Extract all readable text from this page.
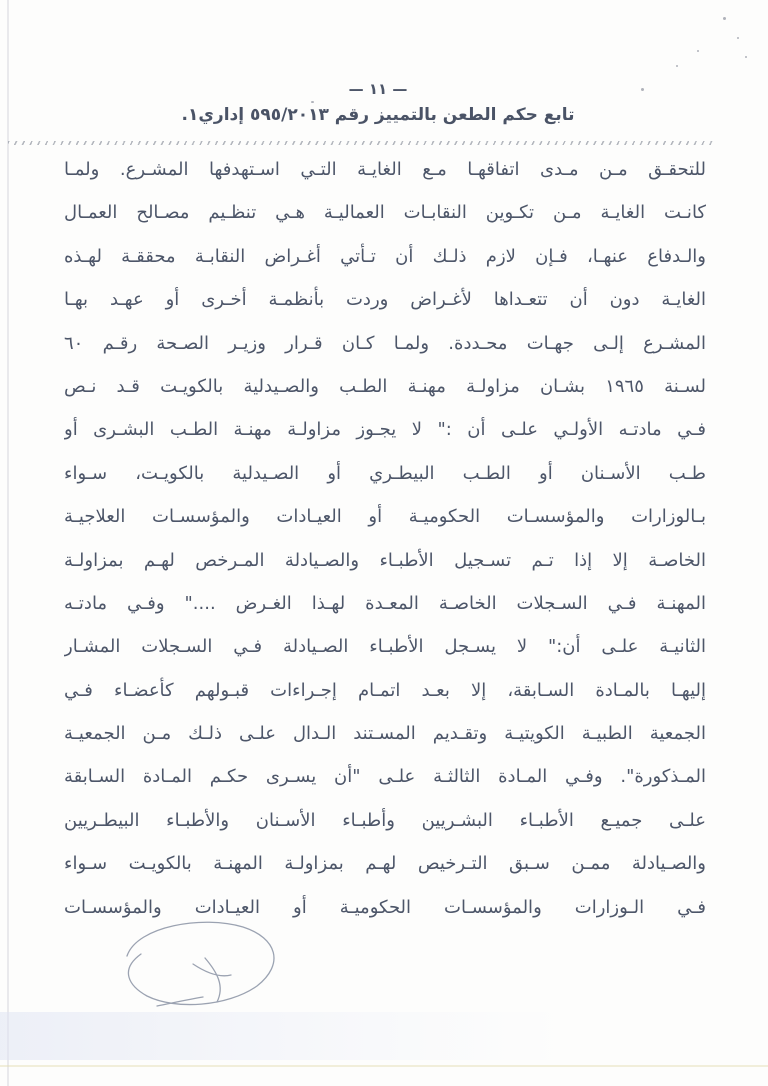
— ١١ —
تابع حكم الطعن بالتمييز رقم ٥٩٥/٢٠١٣ إداري١.
للتحقـق مـن مـدى اتفاقهـا مـع الغايـة التـي اسـتهدفها المشـرع. ولمـا
كانـت الغايـة مـن تكـوين النقابـات العماليـة هـي تنظـيم مصـالح العمـال
والـدفاع عنهـا، فـإن لازم ذلـك أن تـأتي أغـراض النقابـة محققـة لهـذه
الغايـة دون أن تتعـداها لأغـراض وردت بأنظمـة أخـرى أو عهـد بهـا
المشـرع إلـى جهـات محـددة. ولمـا كـان قـرار وزيـر الصـحة رقـم ٦٠
لسـنة ١٩٦٥ بشـان مزاولـة مهنـة الطـب والصـيدلية بالكويـت قـد نـص
فـي مادتـه الأولـي علـى أن :" لا يجـوز مزاولـة مهنـة الطـب البشـرى أو
طـب الأسـنان أو الطـب البيطـري أو الصـيدلية بالكويـت، سـواء
بـالوزارات والمؤسسـات الحكوميـة أو العيـادات والمؤسسـات العلاجيـة
الخاصـة إلا إذا تـم تسـجيل الأطبـاء والصـيادلة المـرخص لهـم بمزاولـة
المهنـة فـي السـجلات الخاصـة المعـدة لهـذا الغـرض ...." وفـي مادتـه
الثانيـة علـى أن:" لا يسـجل الأطبـاء الصـيادلة فـي السـجلات المشـار
إليهـا بالمـادة السـابقة، إلا بعـد اتمـام إجـراءات قبـولهم كأعضـاء فـي
الجمعية الطبيـة الكويتيـة وتقـديم المسـتند الـدال علـى ذلـك مـن الجمعيـة
المـذكورة". وفـي المـادة الثالثـة علـى "أن يسـرى حكـم المـادة السـابقة
علـى جميـع الأطبـاء البشـريين وأطبـاء الأسـنان والأطبـاء البيطـريين
والصـيادلة ممـن سـبق التـرخيص لهـم بمزاولـة المهنـة بالكويـت سـواء
فـي الـوزارات والمؤسسـات الحكوميـة أو العيـادات والمؤسسـات
